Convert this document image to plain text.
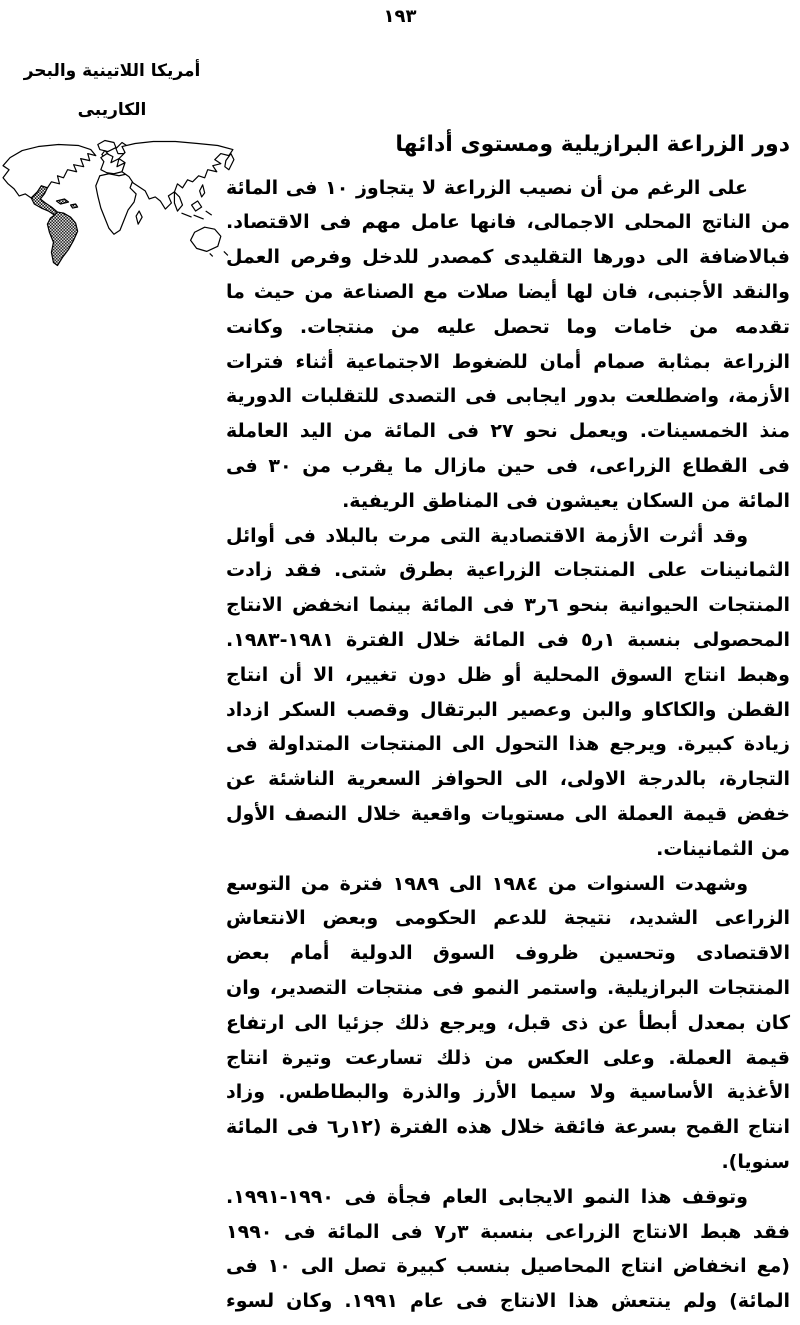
١٩٣
أمريكا اللاتينية والبحر
الكاريبى
دور الزراعة البرازيلية ومستوى أدائها

على الرغم من أن نصيب الزراعة لا يتجاوز ١٠ فى المائة من الناتج المحلى الاجمالى، فانها عامل مهم فى الاقتصاد. فبالاضافة الى دورها التقليدى كمصدر للدخل وفرص العمل والنقد الأجنبى، فان لها أيضا صلات مع الصناعة من حيث ما تقدمه من خامات وما تحصل عليه من منتجات. وكانت الزراعة بمثابة صمام أمان للضغوط الاجتماعية أثناء فترات الأزمة، واضطلعت بدور ايجابى فى التصدى للتقلبات الدورية منذ الخمسينات. ويعمل نحو ٢٧ فى المائة من اليد العاملة فى القطاع الزراعى، فى حين مازال ما يقرب من ٣٠ فى المائة من السكان يعيشون فى المناطق الريفية.

وقد أثرت الأزمة الاقتصادية التى مرت بالبلاد فى أوائل الثمانينات على المنتجات الزراعية بطرق شتى. فقد زادت المنتجات الحيوانية بنحو ٦ر٣ فى المائة بينما انخفض الانتاج المحصولى بنسبة ١ر٥ فى المائة خلال الفترة ١٩٨١-١٩٨٣. وهبط انتاج السوق المحلية أو ظل دون تغيير، الا أن انتاج القطن والكاكاو والبن وعصير البرتقال وقصب السكر ازداد زيادة كبيرة. ويرجع هذا التحول الى المنتجات المتداولة فى التجارة، بالدرجة الاولى، الى الحوافز السعرية الناشئة عن خفض قيمة العملة الى مستويات واقعية خلال النصف الأول من الثمانينات.

وشهدت السنوات من ١٩٨٤ الى ١٩٨٩ فترة من التوسع الزراعى الشديد، نتيجة للدعم الحكومى وبعض الانتعاش الاقتصادى وتحسين ظروف السوق الدولية أمام بعض المنتجات البرازيلية. واستمر النمو فى منتجات التصدير، وان كان بمعدل أبطأ عن ذى قبل، ويرجع ذلك جزئيا الى ارتفاع قيمة العملة. وعلى العكس من ذلك تسارعت وتيرة انتاج الأغذية الأساسية ولا سيما الأرز والذرة والبطاطس. وزاد انتاج القمح بسرعة فائقة خلال هذه الفترة (١٢ر٦ فى المائة سنويا).

وتوقف هذا النمو الايجابى العام فجأة فى ١٩٩٠-١٩٩١. فقد هبط الانتاج الزراعى بنسبة ٣ر٧ فى المائة فى ١٩٩٠ (مع انخفاض انتاج المحاصيل بنسب كبيرة تصل الى ١٠ فى المائة) ولم ينتعش هذا الانتاج فى عام ١٩٩١. وكان لسوء
